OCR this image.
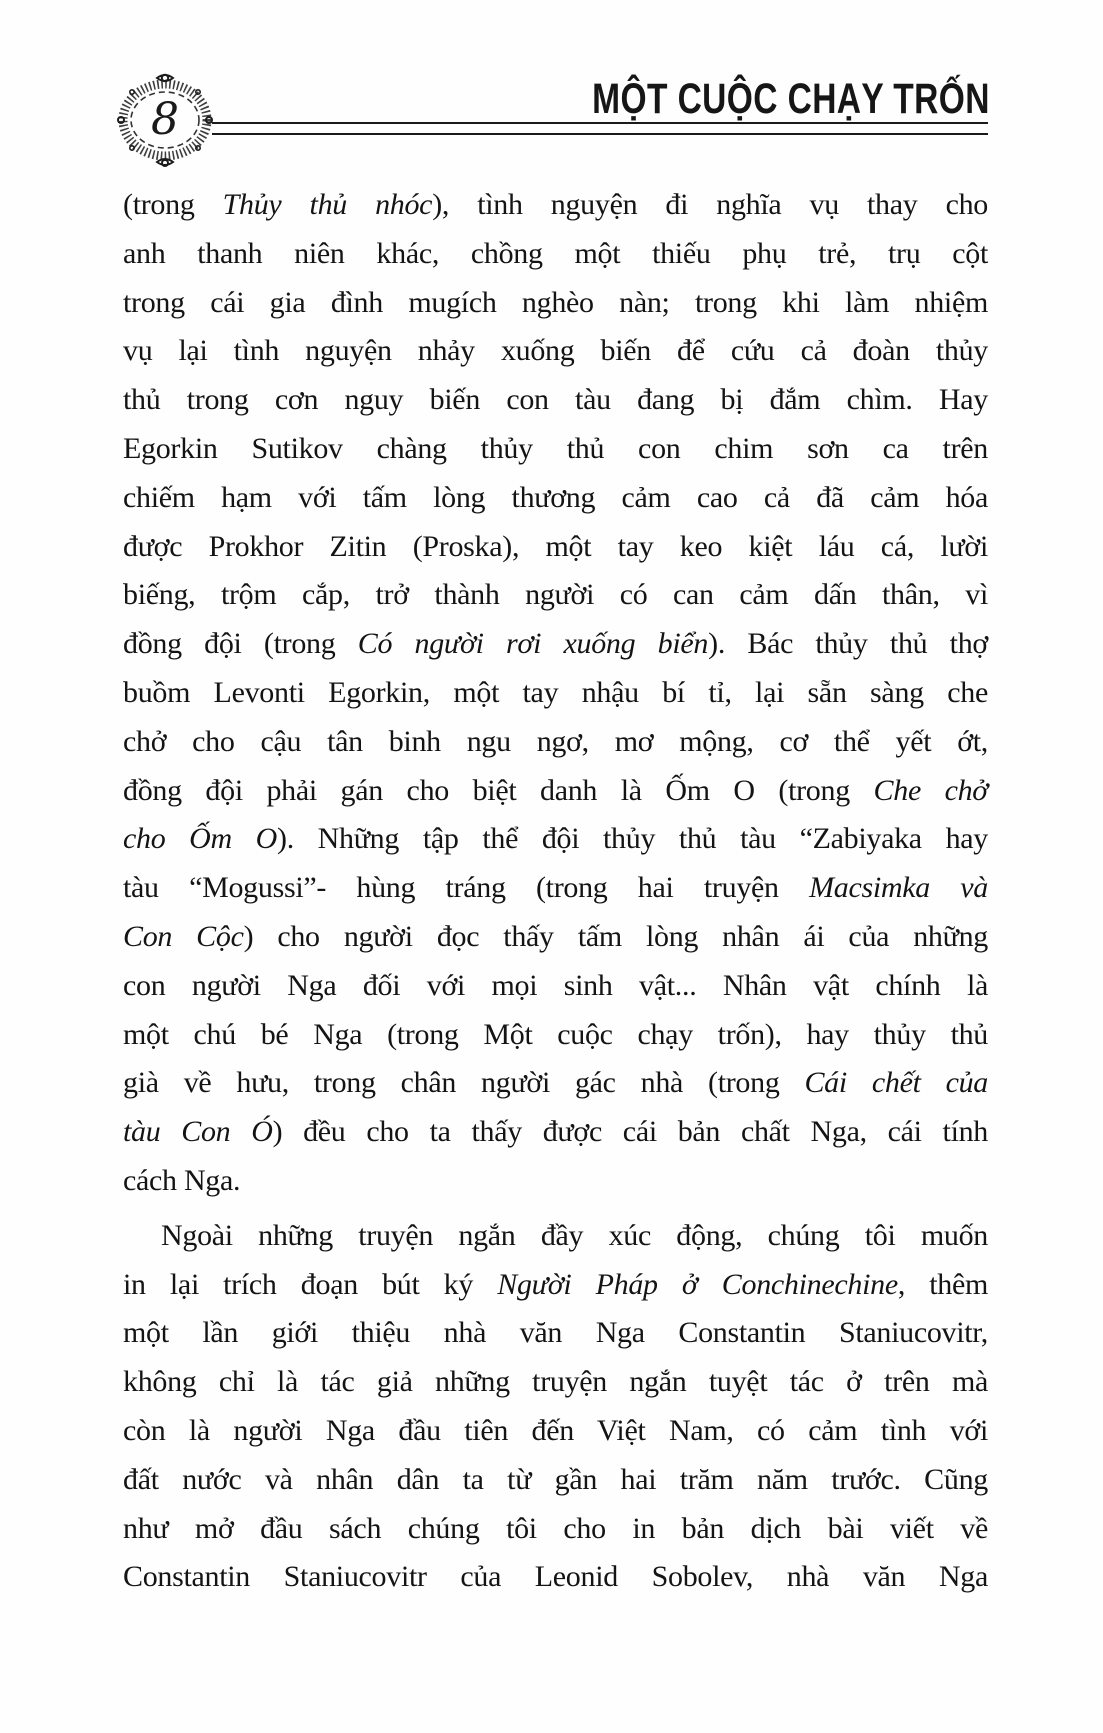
8	MỘT CUỘC CHẠY TRỐN
(trong Thủy thủ nhóc), tình nguyện đi nghĩa vụ thay cho
anh thanh niên khác, chồng một thiếu phụ trẻ, trụ cột
trong cái gia đình mugích nghèo nàn; trong khi làm nhiệm
vụ lại tình nguyện nhảy xuống biến để cứu cả đoàn thủy
thủ trong cơn nguy biến con tàu đang bị đắm chìm. Hay
Egorkin Sutikov chàng thủy thủ con chim sơn ca trên
chiếm hạm với tấm lòng thương cảm cao cả đã cảm hóa
được Prokhor Zitin (Proska), một tay keo kiệt láu cá, lười
biếng, trộm cắp, trở thành người có can cảm dấn thân, vì
đồng đội (trong Có người rơi xuống biển). Bác thủy thủ thợ
buồm Levonti Egorkin, một tay nhậu bí tỉ, lại sẵn sàng che
chở cho cậu tân binh ngu ngơ, mơ mộng, cơ thể yết ớt,
đồng đội phải gán cho biệt danh là Ốm O (trong Che chở
cho Ốm O). Những tập thể đội thủy thủ tàu “Zabiyaka hay
tàu “Mogussi”- hùng tráng (trong hai truyện Macsimka và
Con Cộc) cho người đọc thấy tấm lòng nhân ái của những
con người Nga đối với mọi sinh vật... Nhân vật chính là
một chú bé Nga (trong Một cuộc chạy trốn), hay thủy thủ
già về hưu, trong chân người gác nhà (trong Cái chết của
tàu Con Ó) đều cho ta thấy được cái bản chất Nga, cái tính
cách Nga.
Ngoài những truyện ngắn đầy xúc động, chúng tôi muốn
in lại trích đoạn bút ký Người Pháp ở Conchinechine, thêm
một lần giới thiệu nhà văn Nga Constantin Staniucovitr,
không chỉ là tác giả những truyện ngắn tuyệt tác ở trên mà
còn là người Nga đầu tiên đến Việt Nam, có cảm tình với
đất nước và nhân dân ta từ gần hai trăm năm trước. Cũng
như mở đầu sách chúng tôi cho in bản dịch bài viết về
Constantin Staniucovitr của Leonid Sobolev, nhà văn Nga
